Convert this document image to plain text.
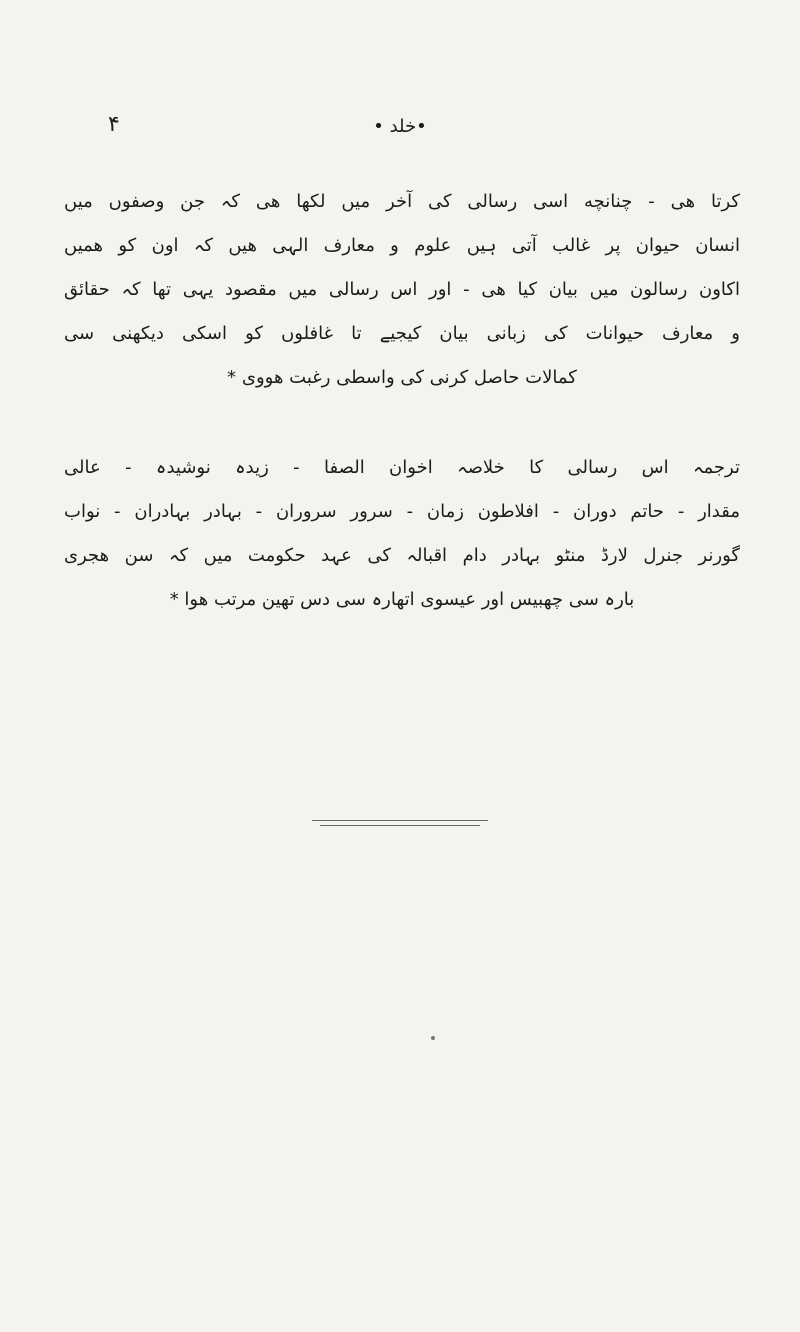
۴	• خلد•
کرتا هی - چنانچه اسی رسالی کی آخر میں لکها هی کہ جن وصفوں میں
انسان حیوان پر غالب آتی ہیں علوم و معارف الہی هیں کہ اون کو همیں
اکاون رسالون میں بیان کیا هی - اور اس رسالی میں مقصود یہی تها کہ حقائق
و معارف حیوانات کی زبانی بیان کیجیے تا غافلوں کو اسکی دیکھنی سی
کمالات حاصل کرنی کی واسطی رغبت هووی *
ترجمہ اس رسالی کا خلاصہ اخوان الصفا - زیدہ نوشیدہ - عالی
مقدار - حاتم دوران - افلاطون زمان - سرور سروران - بہادر بہادران - نواب
گورنر جنرل لارڈ منٹو بہادر دام اقبالہ کی عہد حکومت میں کہ سن هجری
بارہ سی چهبیس اور عیسوی اتهارہ سی دس تهین مرتب هوا *
